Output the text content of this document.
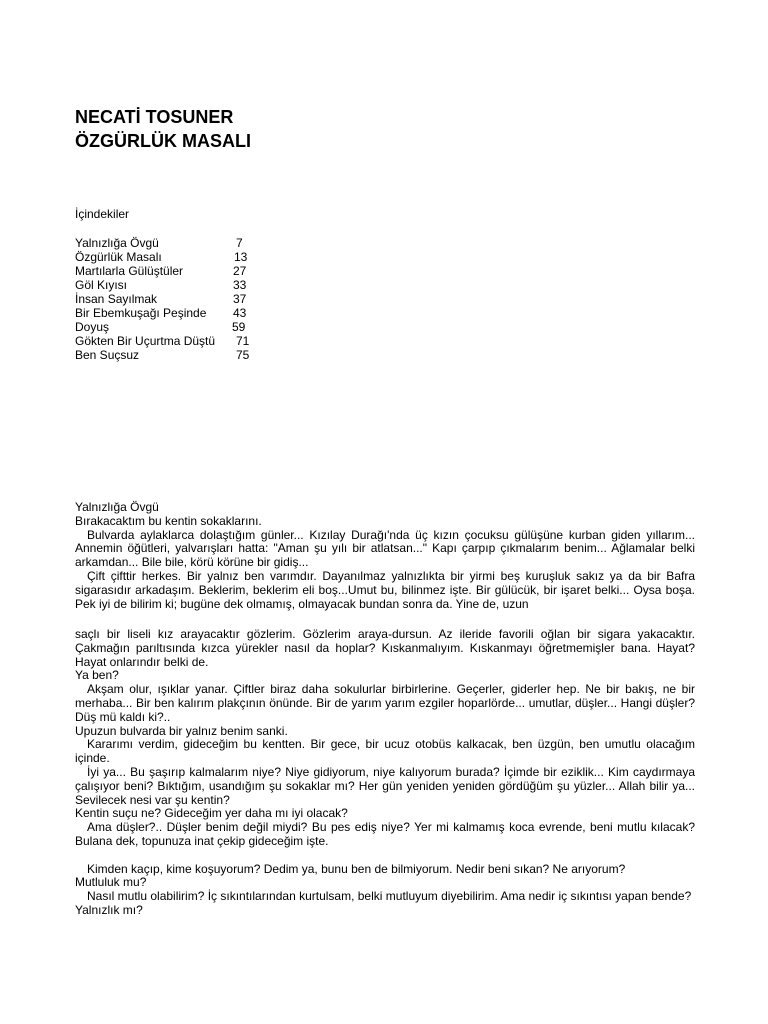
NECATİ TOSUNER
ÖZGÜRLÜK MASALI
İçindekiler
Yalnızlığa Övgü	7
Özgürlük Masalı	13
Martılarla Gülüştüler	27
Göl Kıyısı	33
İnsan Sayılmak	37
Bir Ebemkuşağı Peşinde 43
Doyuş	59
Gökten Bir Uçurtma Düştü 71
Ben Suçsuz	75

Yalnızlığa Övgü

Bırakacaktım bu kentin sokaklarını.

Bulvarda aylaklarca dolaştığım günler... Kızılay Durağı'nda üç kızın çocuksu gülüşüne kurban giden yıllarım... Annemin öğütleri, yalvarışları hatta: "Aman şu yılı bir atlatsan..." Kapı çarpıp çıkmalarım benim... Ağlamalar belki arkamdan... Bile bile, körü körüne bir gidiş...

Çift çifttir herkes. Bir yalnız ben varımdır. Dayanılmaz yalnızlıkta bir yirmi beş kuruşluk sakız ya da bir Bafra sigarasıdır arkadaşım. Beklerim, beklerim eli boş...Umut bu, bilinmez işte. Bir gülücük, bir işaret belki... Oysa boşa. Pek iyi de bilirim ki; bugüne dek olmamış, olmayacak bundan sonra da. Yine de, uzun

saçlı bir liseli kız arayacaktır gözlerim. Gözlerim araya-dursun. Az ileride favorili oğlan bir sigara yakacaktır. Çakmağın parıltısında kızca yürekler nasıl da hoplar? Kıskanmalıyım. Kıskanmayı öğretmemişler bana. Hayat? Hayat onlarındır belki de.

Ya ben?

Akşam olur, ışıklar yanar. Çiftler biraz daha sokulurlar birbirlerine. Geçerler, giderler hep. Ne bir bakış, ne bir merhaba... Bir ben kalırım plakçının önünde. Bir de yarım yarım ezgiler hoparlörde... umutlar, düşler... Hangi düşler? Düş mü kaldı ki?..

Upuzun bulvarda bir yalnız benim sanki.

Kararımı verdim, gideceğim bu kentten. Bir gece, bir ucuz otobüs kalkacak, ben üzgün, ben umutlu olacağım içinde.

İyi ya... Bu şaşırıp kalmalarım niye? Niye gidiyorum, niye kalıyorum burada? İçimde bir eziklik... Kim caydırmaya çalışıyor beni? Bıktığım, usandığım şu sokaklar mı? Her gün yeniden yeniden gördüğüm şu yüzler... Allah bilir ya... Sevilecek nesi var şu kentin?

Kentin suçu ne? Gideceğim yer daha mı iyi olacak?

Ama düşler?.. Düşler benim değil miydi? Bu pes ediş niye? Yer mi kalmamış koca evrende, beni mutlu kılacak? Bulana dek, topunuza inat çekip gideceğim işte.

Kimden kaçıp, kime koşuyorum? Dedim ya, bunu ben de bilmiyorum. Nedir beni sıkan? Ne arıyorum?

Mutluluk mu?

Nasıl mutlu olabilirim? İç sıkıntılarından kurtulsam, belki mutluyum diyebilirim. Ama nedir iç sıkıntısı yapan bende?

Yalnızlık mı?
